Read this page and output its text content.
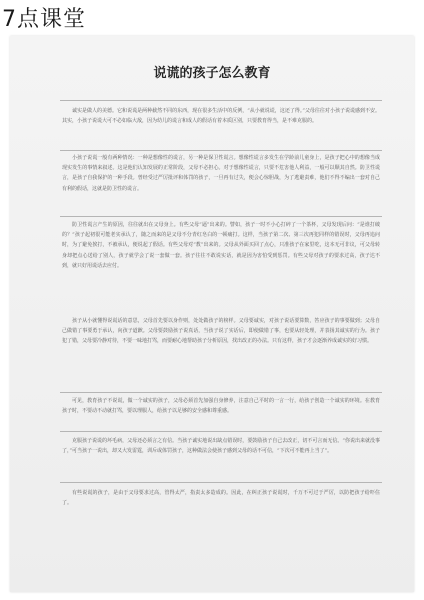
7点课堂
说谎的孩子怎么教育
诚实是做人的美德。它和说谎是两种截然不同的东西，现在很多生活中的反例，“从小就说谎，这还了得。”父母往往对小孩子说谎感到不安。其实，小孩子说谎大可不必如临大敌，因为幼儿的谎言和成人的假话有着本质区别，只要教育得当，是不难克服的。
小孩子说谎一般有两种情况：一种是想像性的谎言，另一种是保卫性谎言。想像性谎言多发生在学龄前儿童身上，是孩子把心中的想像当成现实发生的事情来叙述。这是他们认知发展的正常阶段，父母不必担心。对于想像性谎言，只要不危害他人利益，一般可以顺其自然。防卫性谎言，是孩子自我保护的一种手段。曾经受过严厉批评和体罚的孩子，一旦再有过失，便会心惊胆战，为了逃避责难，他们不得不编出一套对自己有利的假话，这就是防卫性的谎言。
防卫性谎言产生的原因，往往就出在父母身上。有些父母“逼”出来的。譬如，孩子一时不小心打碎了一个茶杯，父母发现后问：“是谁打破的？”孩子起初很可能老实承认了，随之而来的是父母不分青红皂白的一顿痛打。这样，当孩子第二次、第三次再犯同样的错误时，父母再追问时，为了避免挨打，不被承认，便说起了假话。有些父母对“教”出来的。父母从外面买回了点心，只准孩子在家里吃，这本无可非议，可父母转身却把点心送给了别人，孩子就学会了说一套做一套。孩子往往不敢说实话，就是因为害怕受到惩罚。有些父母对孩子的要求过高，孩子达不到，就只好用谎话去应付。
孩子从小就懂得说谎话的意思，父母首先要以身作则，处处做孩子的榜样。父母要诚实，对孩子说话要算数，答应孩子的事要做到；父母自己做错了事要勇于承认，向孩子道歉。父母要鼓励孩子说真话，当孩子说了实话后，即使做错了事，也要从轻处理，并表扬其诚实的行为。孩子犯了错，父母要冷静对待，不要一味地打骂，而要耐心地帮助孩子分析原因，找出改正的办法。只有这样，孩子才会逐渐养成诚实的好习惯。
可见，教育孩子不说谎，做一个诚实的孩子，父母必须首先加强自身修养，注意自己平时的一言一行，给孩子创造一个诚实的环境。在教育孩子时，不要动不动就打骂，要以理服人，给孩子以足够的安全感和尊重感。
克服孩子说谎的坏毛病，父母还必须言之有信。当孩子诚实地说出缺点错误时，要鼓励孩子自己去改正，切不可言而无信。“你说出来就没事了，”可当孩子一说出，却又大发雷霆，训斥或体罚孩子，这种做法会使孩子感到父母的话不可信，“下次可不能再上当了”。
有些说谎的孩子，是由于父母要求过高，管得太严，指责太多造成的。因此，在纠正孩子说谎时，千万不可过于严厉，以防把孩子给吓住了。
